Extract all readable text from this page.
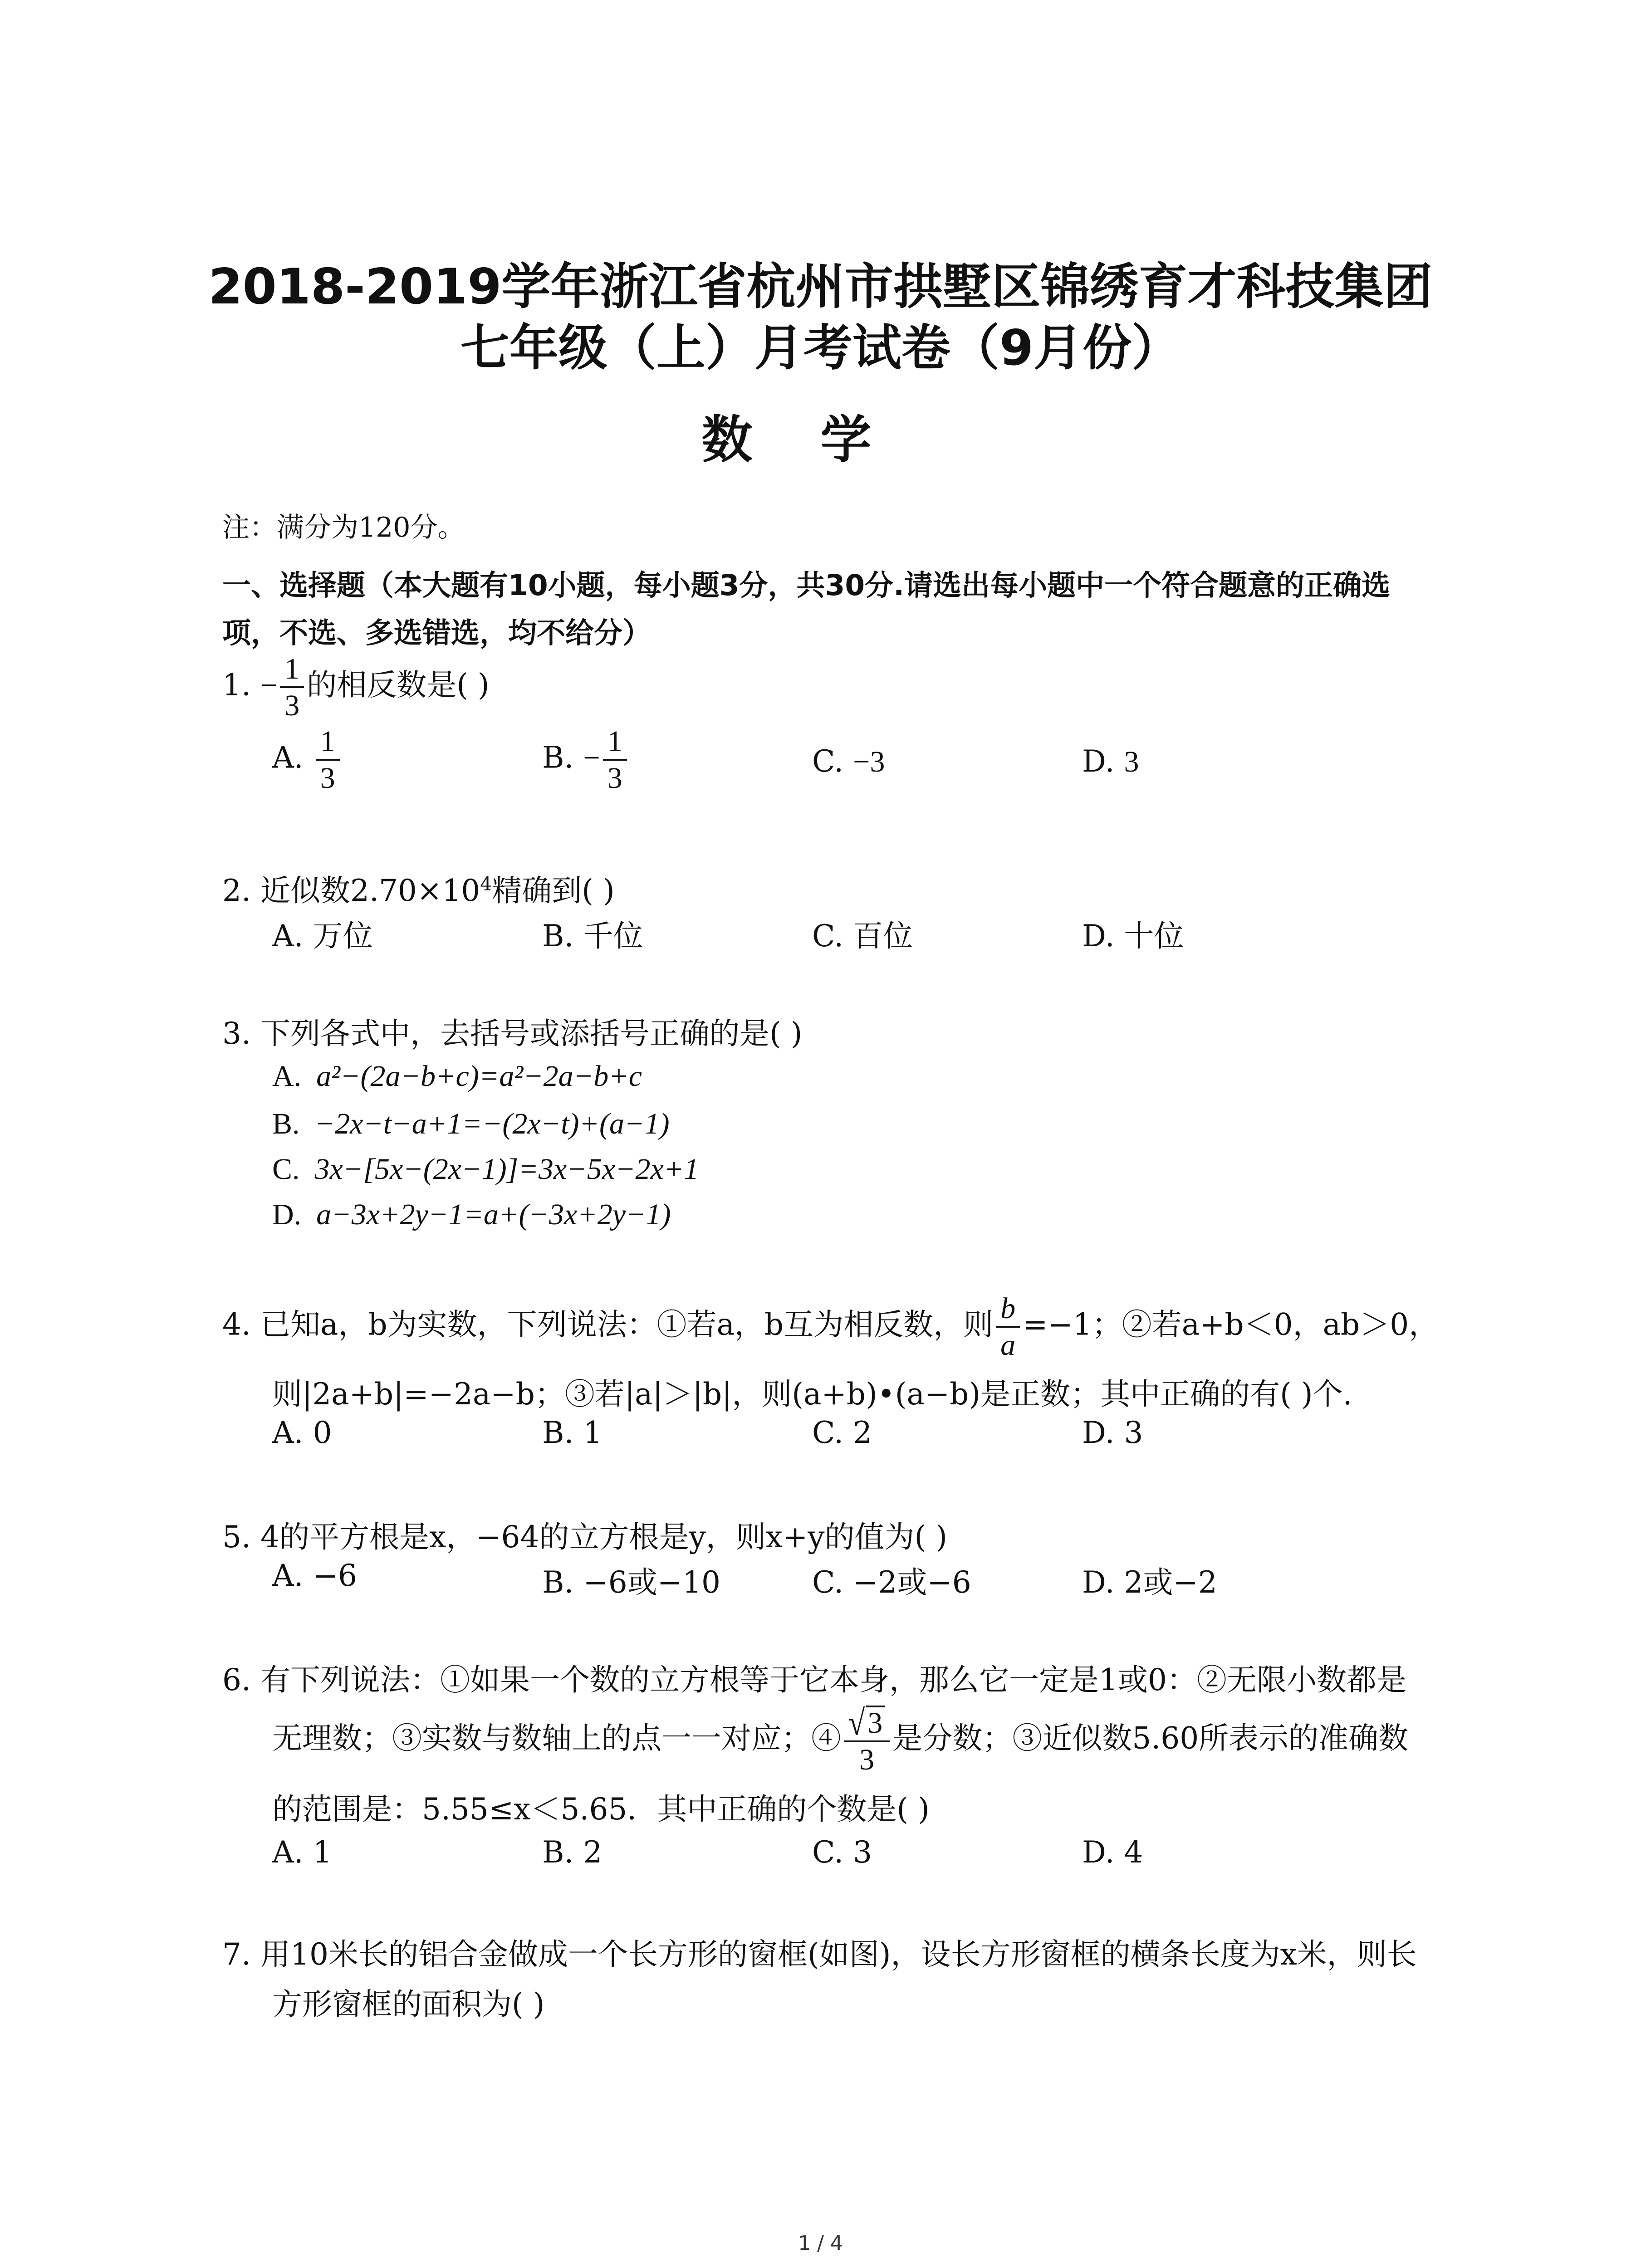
2018-2019学年浙江省杭州市拱墅区锦绣育才科技集团
七年级（上）月考试卷（9月份）
数学
注：满分为120分。
一、选择题（本大题有10小题，每小题3分，共30分.请选出每小题中一个符合题意的正确选
项，不选、多选错选，均不给分）
1. − $\frac{1}{3}$ 的相反数是( )
A. $\frac{1}{3}$	B. − $\frac{1}{3}$	C. −3	D. 3
2. 近似数$2.70\times 10^4$精确到( )
A. 万位	B. 千位	C. 百位	D. 十位
3. 下列各式中，去括号或添括号正确的是( )
A. a²−(2a−b+c)=a²−2a−b+c
B. −2x−t−a+1=−(2x−t)+(a−1)
C. 3x−[5x−(2x−1)]=3x−5x−2x+1
D. a−3x+2y−1=a+(−3x+2y−1)
4. 已知a，b为实数，下列说法：①若a，b互为相反数，则 $\frac{b}{a} =-1$；②若a+b＜0，ab＞0，
则|2a+b|=−2a−b；③若|a|＞|b|，则(a+b)•(a−b)是正数；其中正确的有( )个.
A. 0	B. 1	C. 2	D. 3
5. 4的平方根是x，−64的立方根是y，则x+y的值为( )
A. −6	B. −6或−10	C. −2或−6	D. 2或−2
6. 有下列说法：①如果一个数的立方根等于它本身，那么它一定是1或0：②无限小数都是
无理数；③实数与数轴上的点一一对应；④ $\frac{√3}{3}$ 是分数；③近似数5.60所表示的准确数
的范围是：5.55≤x＜5.65．其中正确的个数是( )
A. 1	B. 2	C. 3	D. 4
7. 用10米长的铝合金做成一个长方形的窗框(如图)，设长方形窗框的横条长度为x米，则长
方形窗框的面积为( )
1 / 4
